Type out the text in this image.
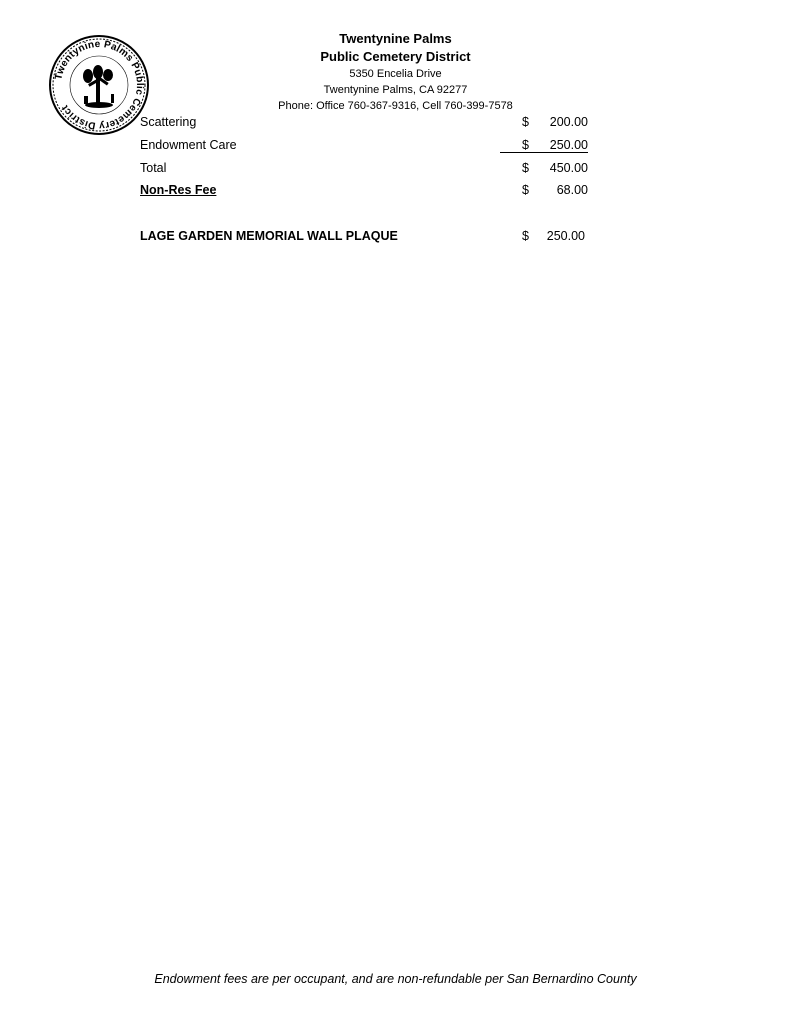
Twentynine Palms Public Cemetery District
Twentynine Palms
Public Cemetery District
5350 Encelia Drive
Twentynine Palms, CA 92277
Phone: Office 760-367-9316, Cell 760-399-7578
Scattering	$ 200.00
Endowment Care	$ 250.00
Total	$ 450.00
Non-Res Fee	$ 68.00
LAGE GARDEN MEMORIAL WALL PLAQUE	$ 250.00
Endowment fees are per occupant, and are non-refundable per San Bernardino County
